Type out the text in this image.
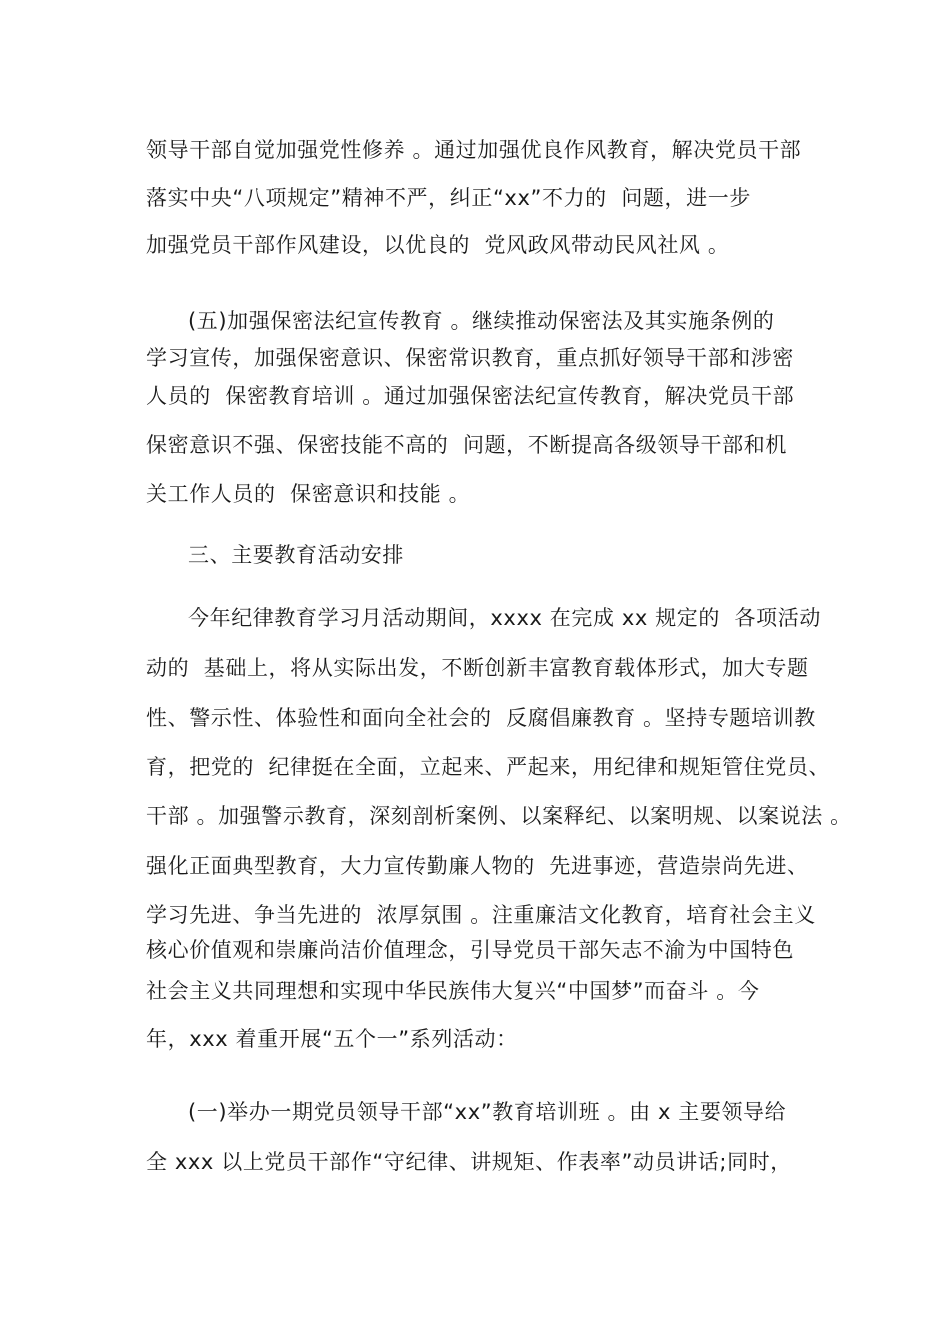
领导干部自觉加强党性修养 。通过加强优良作风教育，解决党员干部
落实中央“八项规定”精神不严，纠正“xx”不力的  问题，进一步
加强党员干部作风建设，以优良的  党风政风带动民风社风 。
(五)加强保密法纪宣传教育 。继续推动保密法及其实施条例的
学习宣传，加强保密意识、保密常识教育，重点抓好领导干部和涉密
人员的  保密教育培训 。通过加强保密法纪宣传教育，解决党员干部
保密意识不强、保密技能不高的  问题，不断提高各级领导干部和机
关工作人员的  保密意识和技能 。
三、主要教育活动安排
今年纪律教育学习月活动期间，xxxx 在完成 xx 规定的  各项活动
动的  基础上，将从实际出发，不断创新丰富教育载体形式，加大专题
性、警示性、体验性和面向全社会的  反腐倡廉教育 。坚持专题培训教
育，把党的  纪律挺在全面，立起来、严起来，用纪律和规矩管住党员、
干部 。加强警示教育，深刻剖析案例、以案释纪、以案明规、以案说法 。
强化正面典型教育，大力宣传勤廉人物的  先进事迹，营造崇尚先进、
学习先进、争当先进的  浓厚氛围 。注重廉洁文化教育，培育社会主义
核心价值观和崇廉尚洁价值理念，引导党员干部矢志不渝为中国特色
社会主义共同理想和实现中华民族伟大复兴“中国梦”而奋斗 。今
年，xxx 着重开展“五个一”系列活动：
(一)举办一期党员领导干部“xx”教育培训班 。由 x 主要领导给
全 xxx 以上党员干部作“守纪律、讲规矩、作表率”动员讲话;同时，
